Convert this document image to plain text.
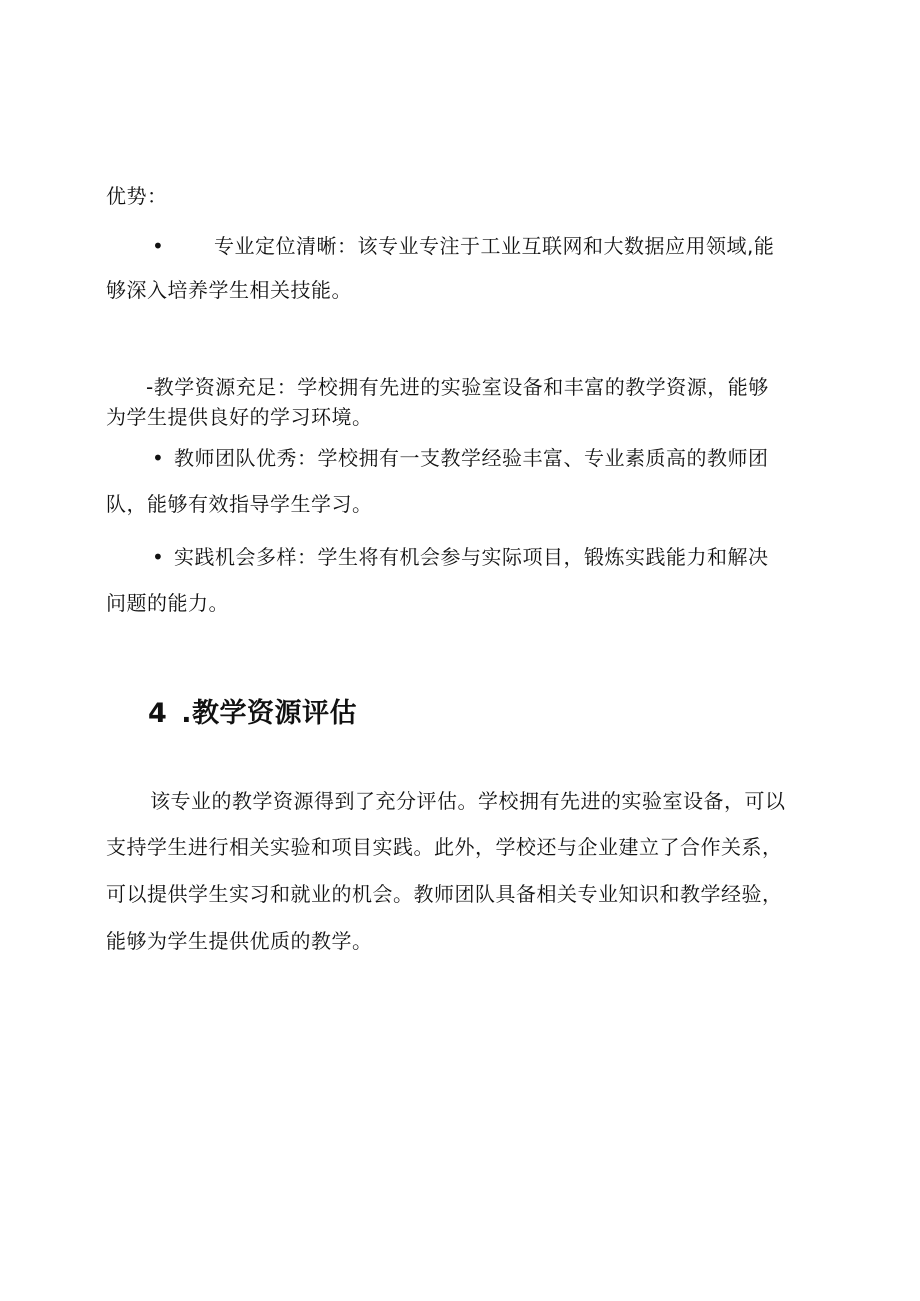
优势：
•	专业定位清晰：该专业专注于工业互联网和大数据应用领域,能
够深入培养学生相关技能。
-教学资源充足：学校拥有先进的实验室设备和丰富的教学资源，能够
为学生提供良好的学习环境。
• 教师团队优秀：学校拥有一支教学经验丰富、专业素质高的教师团
队，能够有效指导学生学习。
• 实践机会多样：学生将有机会参与实际项目，锻炼实践能力和解决
问题的能力。
4 .教学资源评估
该专业的教学资源得到了充分评估。学校拥有先进的实验室设备，可以
支持学生进行相关实验和项目实践。此外，学校还与企业建立了合作关系，
可以提供学生实习和就业的机会。教师团队具备相关专业知识和教学经验，
能够为学生提供优质的教学。
